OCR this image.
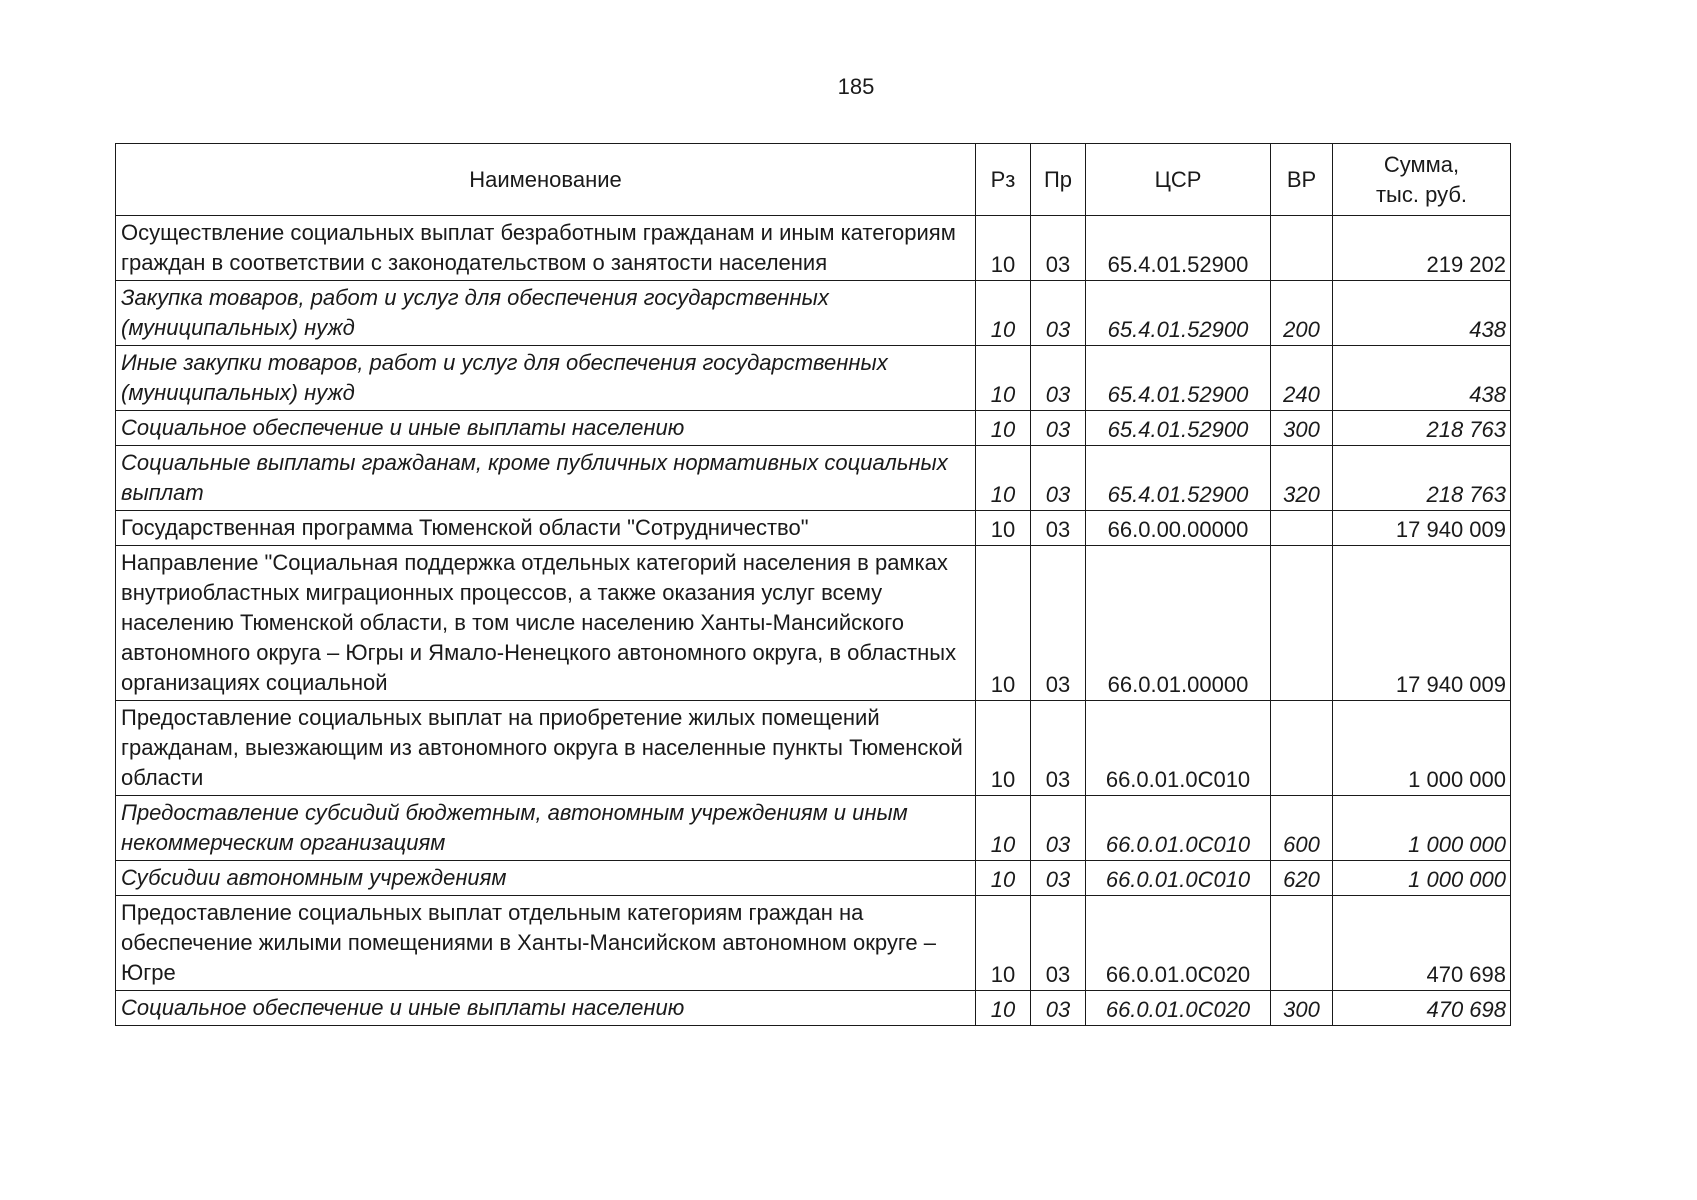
185
Наименование	Рз	Пр	ЦСР	ВР	Сумма,
тыс. руб.

Осуществление социальных выплат безработным гражданам и иным категориям граждан в соответствии с законодательством о занятости населения	10	03	65.4.01.52900		219 202
Закупка товаров, работ и услуг для обеспечения государственных (муниципальных) нужд	10	03	65.4.01.52900	200	438
Иные закупки товаров, работ и услуг для обеспечения государственных (муниципальных) нужд	10	03	65.4.01.52900	240	438
Социальное обеспечение и иные выплаты населению	10	03	65.4.01.52900	300	218 763
Социальные выплаты гражданам, кроме публичных нормативных социальных выплат	10	03	65.4.01.52900	320	218 763
Государственная программа Тюменской области "Сотрудничество"	10	03	66.0.00.00000		17 940 009
Направление "Социальная поддержка отдельных категорий населения в рамках внутриобластных миграционных процессов, а также оказания услуг всему населению Тюменской области, в том числе населению Ханты-Мансийского автономного округа – Югры и Ямало-Ненецкого автономного округа, в областных организациях социальной	10	03	66.0.01.00000		17 940 009
Предоставление социальных выплат на приобретение жилых помещений гражданам, выезжающим из автономного округа в населенные пункты Тюменской области	10	03	66.0.01.0С010		1 000 000
Предоставление субсидий бюджетным, автономным учреждениям и иным некоммерческим организациям	10	03	66.0.01.0С010	600	1 000 000
Субсидии автономным учреждениям	10	03	66.0.01.0С010	620	1 000 000
Предоставление социальных выплат отдельным категориям граждан на обеспечение жилыми помещениями в Ханты-Мансийском автономном округе – Югре	10	03	66.0.01.0С020		470 698
Социальное обеспечение и иные выплаты населению	10	03	66.0.01.0С020	300	470 698
